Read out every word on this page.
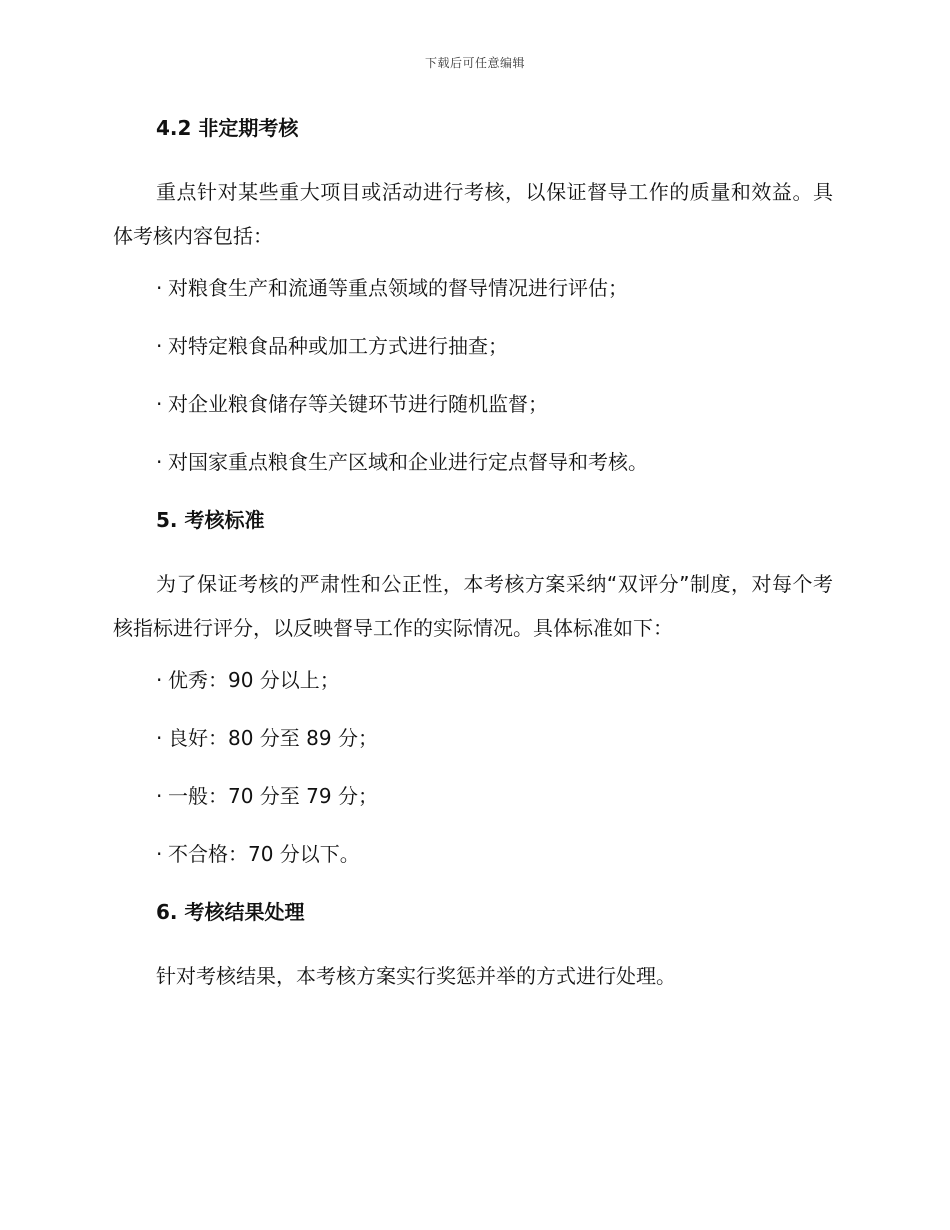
下载后可任意编辑
4.2 非定期考核
重点针对某些重大项目或活动进行考核，以保证督导工作的质量和效益。具体考核内容包括：
· 对粮食生产和流通等重点领域的督导情况进行评估；
· 对特定粮食品种或加工方式进行抽查；
· 对企业粮食储存等关键环节进行随机监督；
· 对国家重点粮食生产区域和企业进行定点督导和考核。
5. 考核标准
为了保证考核的严肃性和公正性，本考核方案采纳“双评分”制度，对每个考核指标进行评分，以反映督导工作的实际情况。具体标准如下：
· 优秀：90 分以上；
· 良好：80 分至 89 分；
· 一般：70 分至 79 分；
· 不合格：70 分以下。
6. 考核结果处理
针对考核结果，本考核方案实行奖惩并举的方式进行处理。
